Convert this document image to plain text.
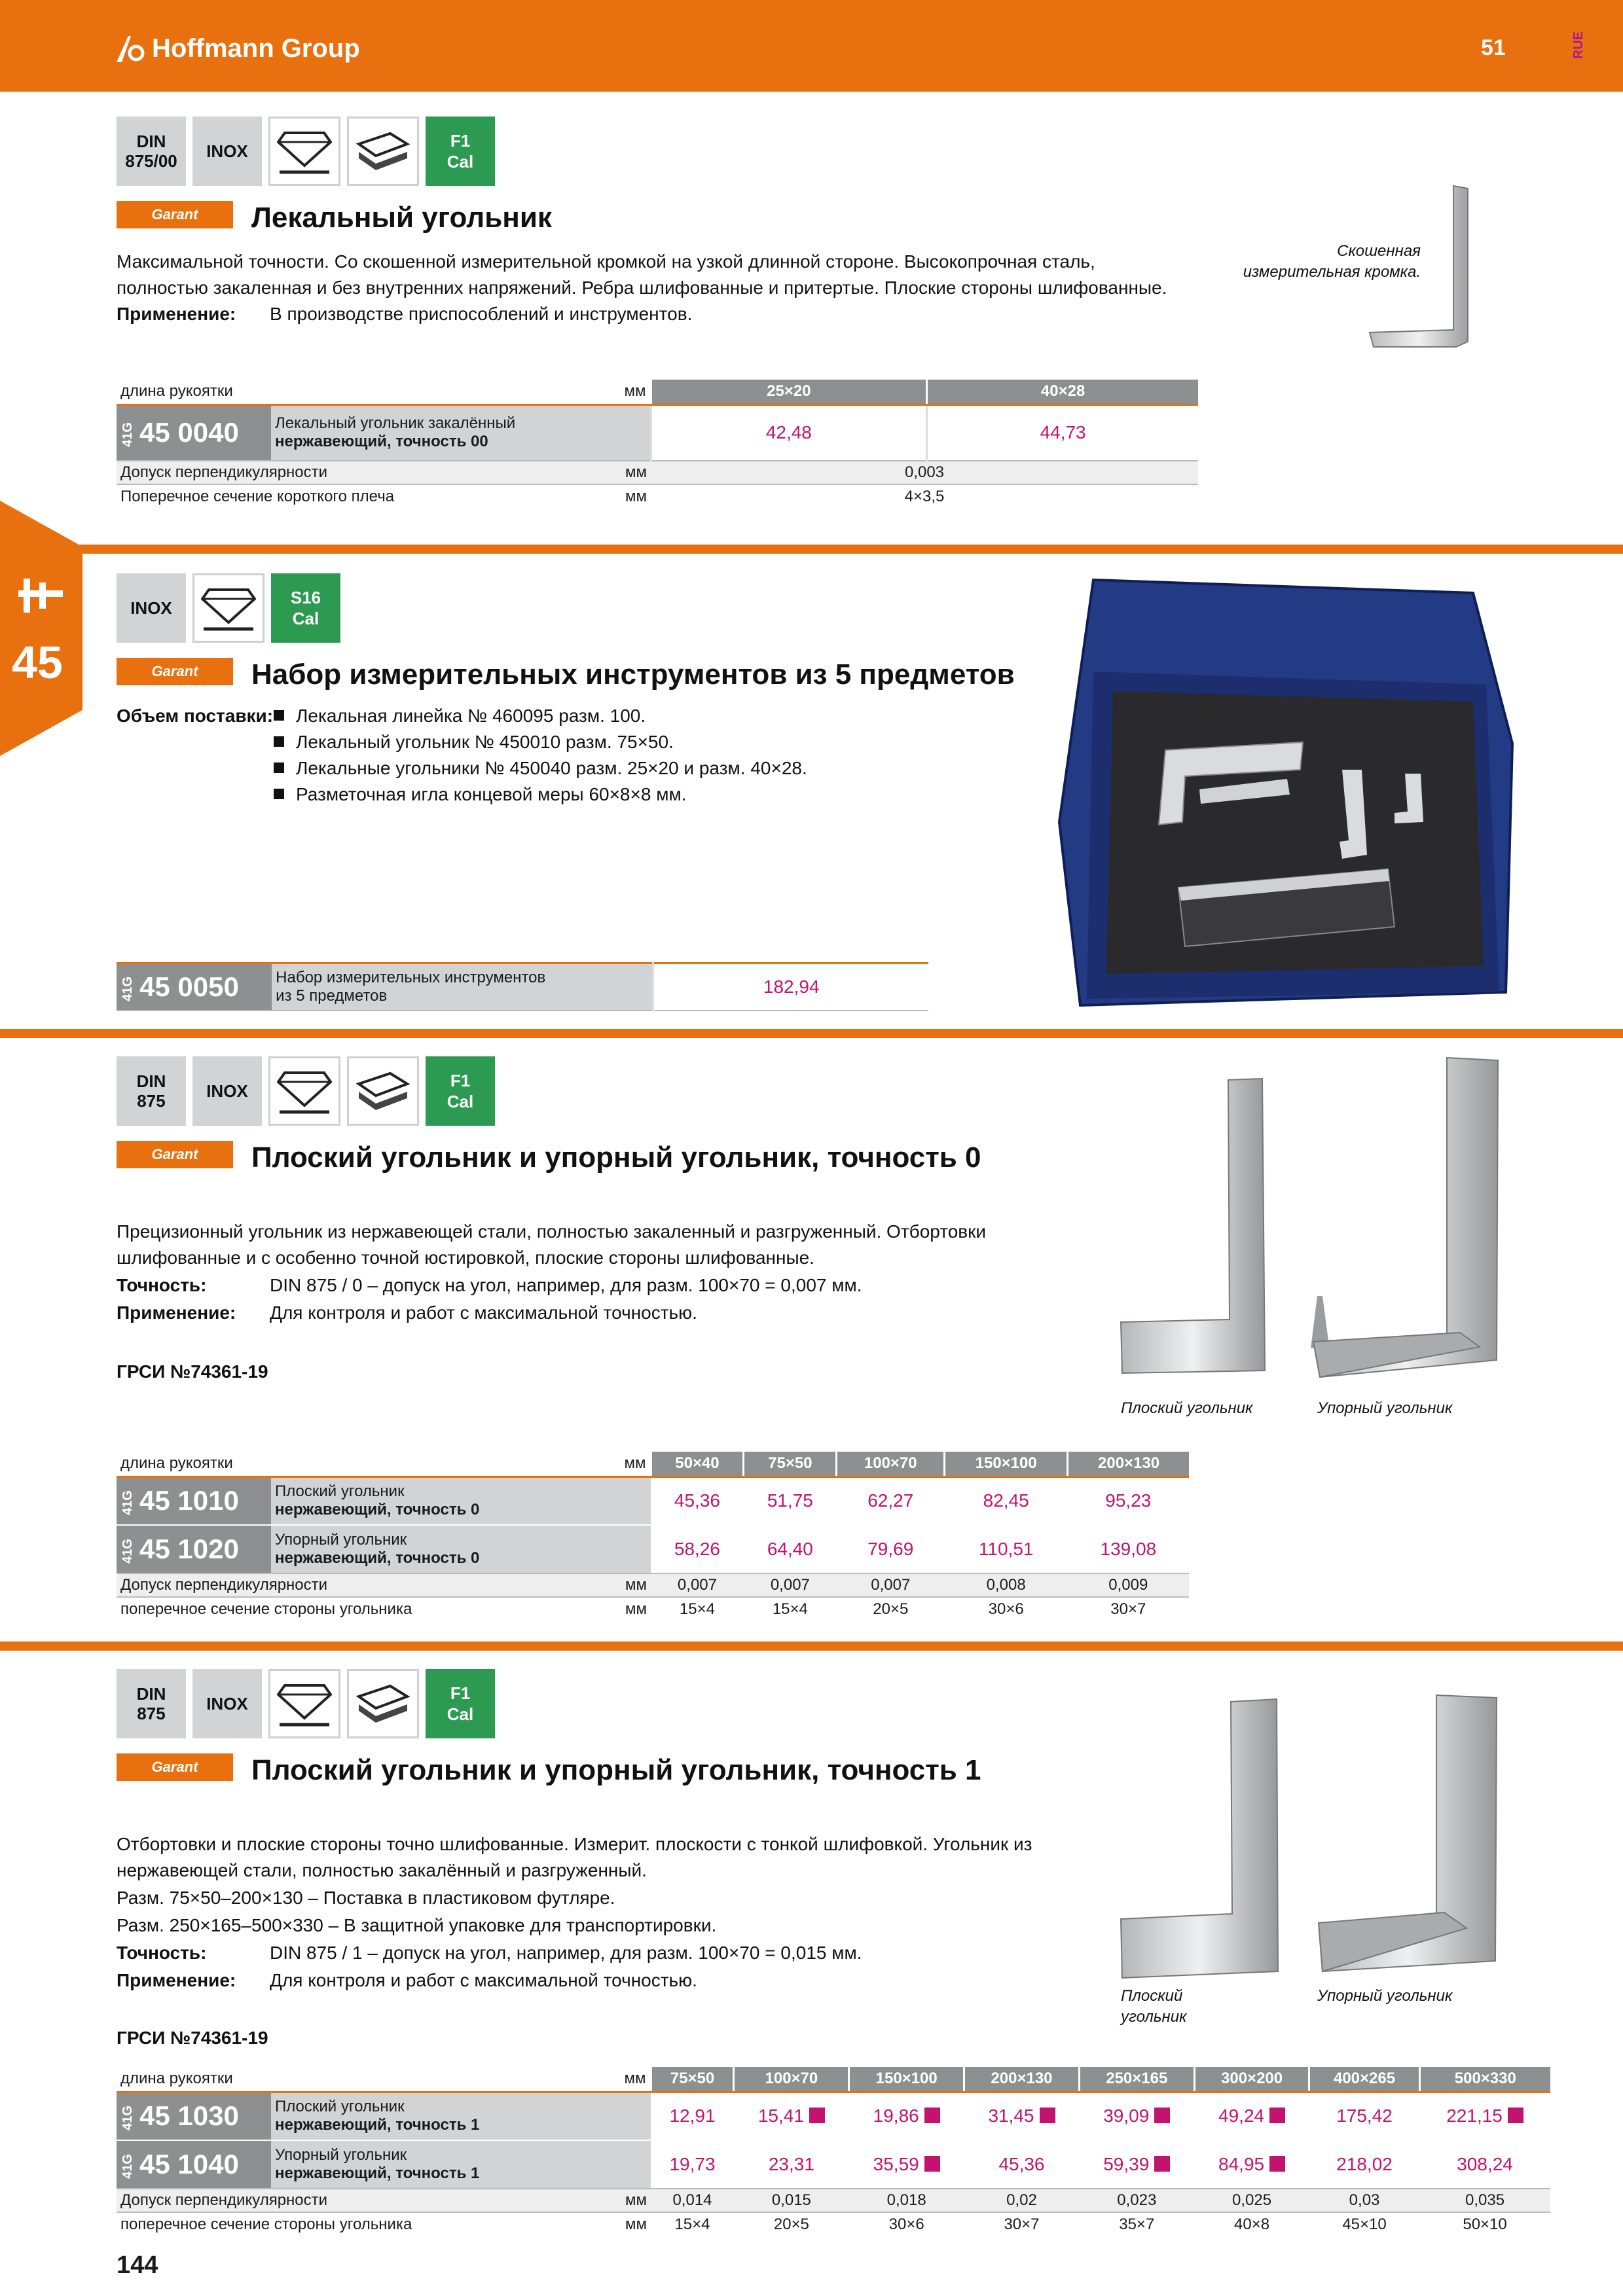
Hoffmann Group	51	RUE
45
DIN
875/00	INOX
F1
Cal
Garant	Лекальный угольник
Максимальной точности. Со скошенной измерительной кромкой на узкой длинной стороне. Высокопрочная сталь,
полностью закаленная и без внутренних напряжений. Ребра шлифованные и притертые. Плоские стороны шлифованные.
Применение: В производстве приспособлений и инструментов.
Скошенная
измерительная кромка.
длина рукоятки	мм	25×20	40×28
41G 45 0040	Лекальный угольник закалённый
нержавеющий, точность 00	42,48	44,73
Допуск перпендикулярности мм		0,003	
Поперечное сечение короткого плеча мм		4×3,5	
INOX
S16
Cal
Garant	Набор измерительных инструментов из 5 предметов
Объем поставки:	Лекальная линейка № 460095 разм. 100.
Лекальный угольник № 450010 разм. 75×50.
Лекальные угольники № 450040 разм. 25×20 и разм. 40×28.
Разметочная игла концевой меры 60×8×8 мм.
41G 45 0050	Набор измерительных инструментов
из 5 предметов	182,94
DIN
875	INOX
F1
Cal
Garant	Плоский угольник и упорный угольник, точность 0
Прецизионный угольник из нержавеющей стали, полностью закаленный и разгруженный. Отбортовки
шлифованные и с особенно точной юстировкой, плоские стороны шлифованные.
Точность:	DIN 875 / 0 – допуск на угол, например, для разм. 100×70 = 0,007 мм.
Применение: Для контроля и работ с максимальной точностью.
ГРСИ №74361-19
Плоский угольник	Упорный угольник
длина рукоятки	мм	50×40	75×50	100×70	150×100	200×130
41G 45 1010	Плоский угольник
нержавеющий, точность 0	45,36	51,75	62,27	82,45	95,23
41G 45 1020	Упорный угольник
нержавеющий, точность 0	58,26	64,40	79,69	110,51	139,08
Допуск перпендикулярности мм		0,007	0,007	0,007	0,008	0,009
поперечное сечение стороны угольника мм		15×4	15×4	20×5	30×6	30×7
DIN
875	INOX
F1
Cal
Garant	Плоский угольник и упорный угольник, точность 1
Отбортовки и плоские стороны точно шлифованные. Измерит. плоскости с тонкой шлифовкой. Угольник из
нержавеющей стали, полностью закалённый и разгруженный.
Разм. 75×50–200×130 – Поставка в пластиковом футляре.
Разм. 250×165–500×330 – В защитной упаковке для транспортировки.
Точность:	DIN 875 / 1 – допуск на угол, например, для разм. 100×70 = 0,015 мм.
Применение: Для контроля и работ с максимальной точностью.
ГРСИ №74361-19
Плоский
угольник
Упорный угольник
длина рукоятки	мм	75×50	100×70	150×100	200×130	250×165	300×200	400×265	500×330
41G 45 1030	Плоский угольник
нержавеющий, точность 1	12,91	15,41	19,86	31,45	39,09	49,24	175,42	221,15
41G 45 1040	Упорный угольник
нержавеющий, точность 1	19,73	23,31	35,59	45,36	59,39	84,95	218,02	308,24
Допуск перпендикулярности мм		0,014	0,015	0,018	0,02	0,023	0,025	0,03	0,035
поперечное сечение стороны угольника мм		15×4	20×5	30×6	30×7	35×7	40×8	45×10	50×10
144
